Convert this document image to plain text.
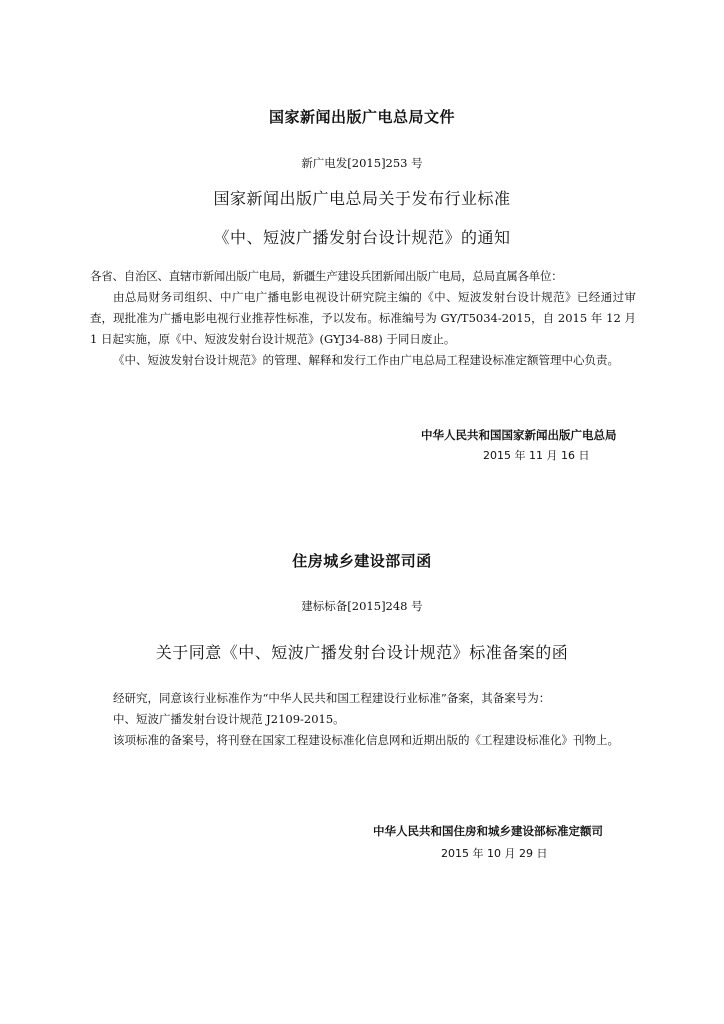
国家新闻出版广电总局文件
新广电发[2015]253 号
国家新闻出版广电总局关于发布行业标准
《中、短波广播发射台设计规范》的通知

各省、自治区、直辖市新闻出版广电局，新疆生产建设兵团新闻出版广电局，总局直属各单位：

由总局财务司组织、中广电广播电影电视设计研究院主编的《中、短波发射台设计规范》已经通过审查，现批准为广播电影电视行业推荐性标准，予以发布。标准编号为 GY/T5034-2015，自 2015 年 12 月 1 日起实施，原《中、短波发射台设计规范》(GYJ34-88) 于同日废止。

《中、短波发射台设计规范》的管理、解释和发行工作由广电总局工程建设标准定额管理中心负责。

中华人民共和国国家新闻出版广电总局
2015 年 11 月 16 日
住房城乡建设部司函
建标标备[2015]248 号
关于同意《中、短波广播发射台设计规范》标准备案的函

经研究，同意该行业标准作为“中华人民共和国工程建设行业标准”备案，其备案号为：

中、短波广播发射台设计规范 J2109-2015。

该项标准的备案号，将刊登在国家工程建设标准化信息网和近期出版的《工程建设标准化》刊物上。

中华人民共和国住房和城乡建设部标准定额司
2015 年 10 月 29 日
